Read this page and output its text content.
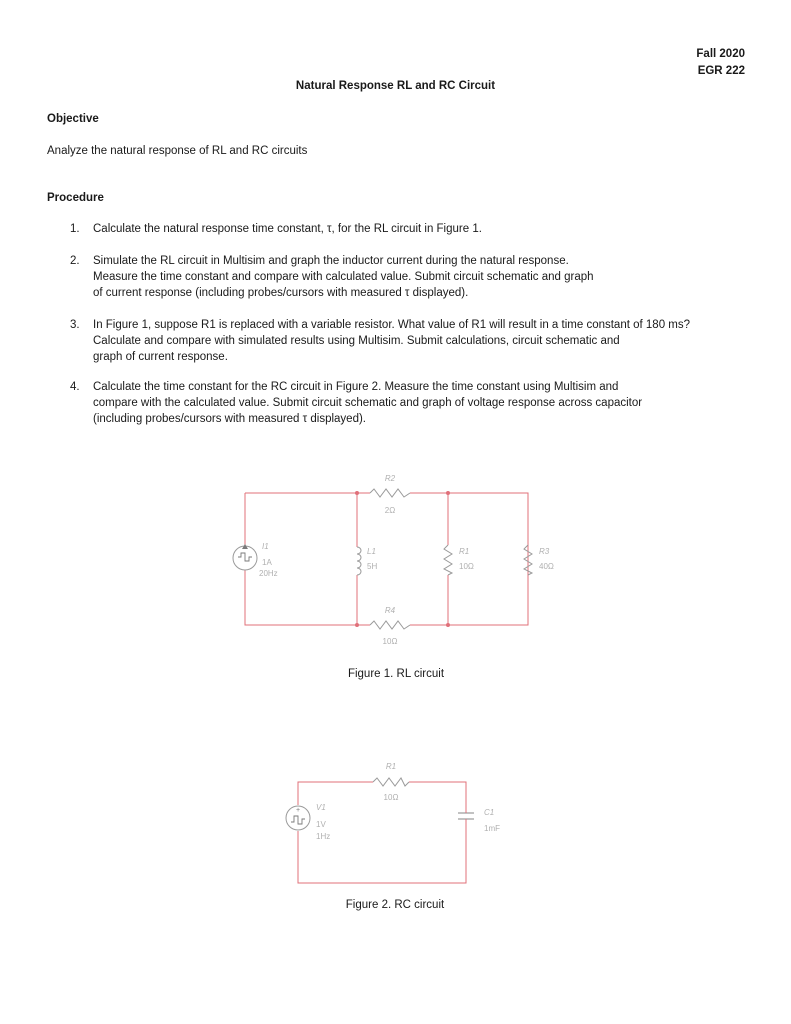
Fall 2020
EGR 222
Natural Response RL and RC Circuit
Objective
Analyze the natural response of RL and RC circuits
Procedure
1.	Calculate the natural response time constant, τ, for the RL circuit in Figure 1.
2.	Simulate the RL circuit in Multisim and graph the inductor current during the natural response.
Measure the time constant and compare with calculated value. Submit circuit schematic and graph
of current response (including probes/cursors with measured τ displayed).
3.	In Figure 1, suppose R1 is replaced with a variable resistor. What value of R1 will result in a time constant of 180 ms?
Calculate and compare with simulated results using Multisim. Submit calculations, circuit schematic and
graph of current response.
4.	Calculate the time constant for the RC circuit in Figure 2. Measure the time constant using Multisim and
compare with the calculated value. Submit circuit schematic and graph of voltage response across capacitor
(including probes/cursors with measured τ displayed).
I1
1A
20Hz
R2
2Ω
L1
5H
R1
10Ω
R3
40Ω
R4
10Ω
Figure 1. RL circuit
+ V1
1V
1Hz
R1
10Ω
C1
1mF
Figure 2. RC circuit
